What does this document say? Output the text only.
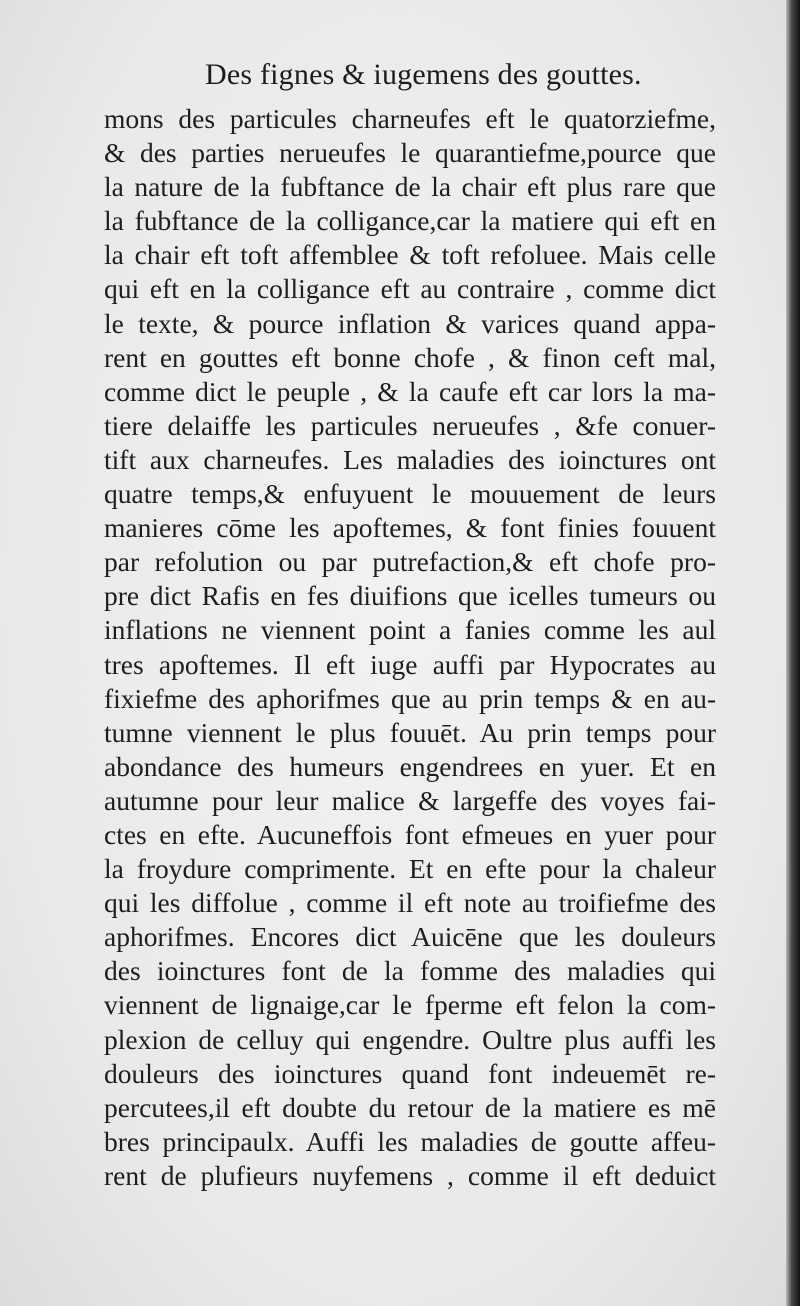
Des fignes & iugemens des gouttes.
mons des particules charneufes eft le quatorziefme,
& des parties nerueufes le quarantiefme,pource que
la nature de la fubftance de la chair eft plus rare que
la fubftance de la colligance,car la matiere qui eft en
la chair eft toft affemblee & toft refoluee. Mais celle
qui eft en la colligance eft au contraire , comme dict
le texte, & pource inflation & varices quand appa-
rent en gouttes eft bonne chofe , & finon ceft mal,
comme dict le peuple , & la caufe eft car lors la ma-
tiere delaiffe les particules nerueufes , &fe conuer-
tift aux charneufes. Les maladies des ioinctures ont
quatre temps,& enfuyuent le mouuement de leurs
manieres cōme les apoftemes, & font finies fouuent
par refolution ou par putrefaction,& eft chofe pro-
pre dict Rafis en fes diuifions que icelles tumeurs ou
inflations ne viennent point a fanies comme les aul
tres apoftemes. Il eft iuge auffi par Hypocrates au
fixiefme des aphorifmes que au prin temps & en au-
tumne viennent le plus fouuēt. Au prin temps pour
abondance des humeurs engendrees en yuer. Et en
autumne pour leur malice & largeffe des voyes fai-
ctes en efte. Aucuneffois font efmeues en yuer pour
la froydure comprimente. Et en efte pour la chaleur
qui les diffolue , comme il eft note au troifiefme des
aphorifmes. Encores dict Auicēne que les douleurs
des ioinctures font de la fomme des maladies qui
viennent de lignaige,car le fperme eft felon la com-
plexion de celluy qui engendre. Oultre plus auffi les
douleurs des ioinctures quand font indeuemēt re-
percutees,il eft doubte du retour de la matiere es mē
bres principaulx. Auffi les maladies de goutte affeu-
rent de plufieurs nuyfemens , comme il eft deduict
